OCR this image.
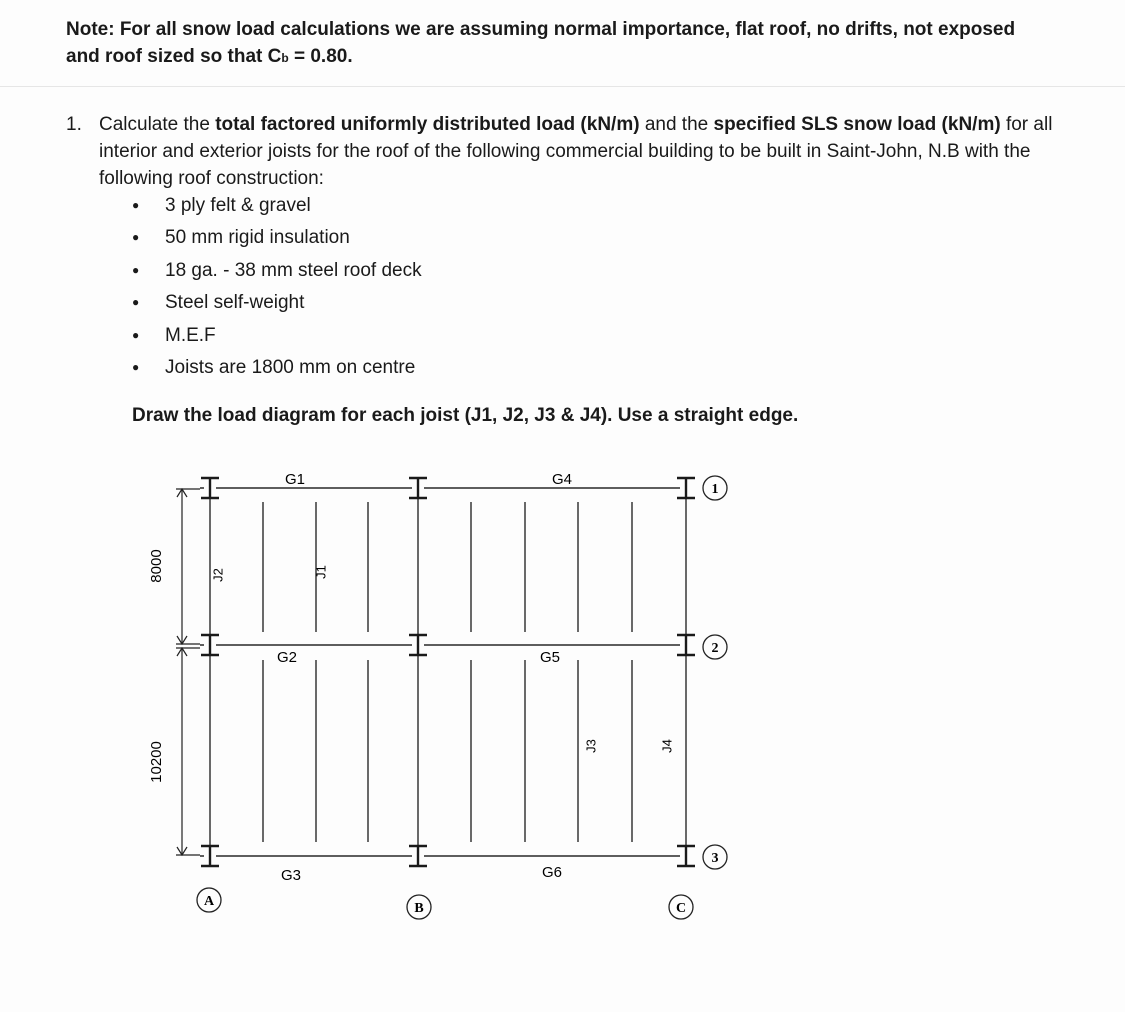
Note: For all snow load calculations we are assuming normal importance, flat roof, no drifts, not exposed
and roof sized so that Cb = 0.80.
1. Calculate the total factored uniformly distributed load (kN/m) and the specified SLS snow load (kN/m) for all interior and exterior joists for the roof of the following commercial building to be built in Saint-John, N.B with the following roof construction:
● 3 ply felt & gravel
● 50 mm rigid insulation
● 18 ga. - 38 mm steel roof deck
● Steel self-weight
● M.E.F
● Joists are 1800 mm on centre
Draw the load diagram for each joist (J1, J2, J3 & J4). Use a straight edge.
8000
10200
G1
G2
G3
G4
G5
G6
J1
J2
J3	J4
1
2
3
A	B	C
